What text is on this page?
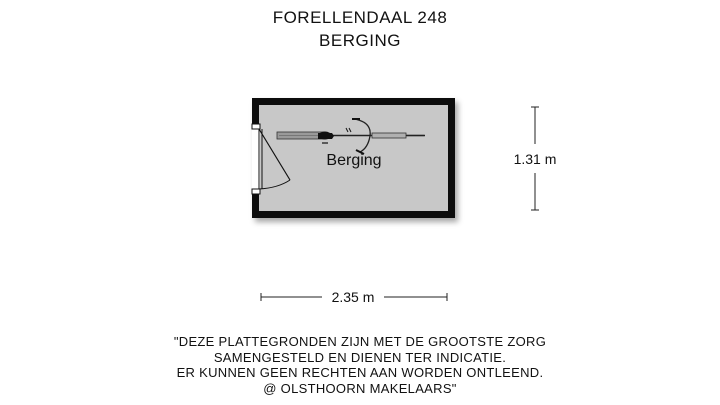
FORELLENDAAL 248
BERGING
Berging	1.31 m
2.35 m
"DEZE PLATTEGRONDEN ZIJN MET DE GROOTSTE ZORG
SAMENGESTELD EN DIENEN TER INDICATIE.
ER KUNNEN GEEN RECHTEN AAN WORDEN ONTLEEND.
@ OLSTHOORN MAKELAARS"
